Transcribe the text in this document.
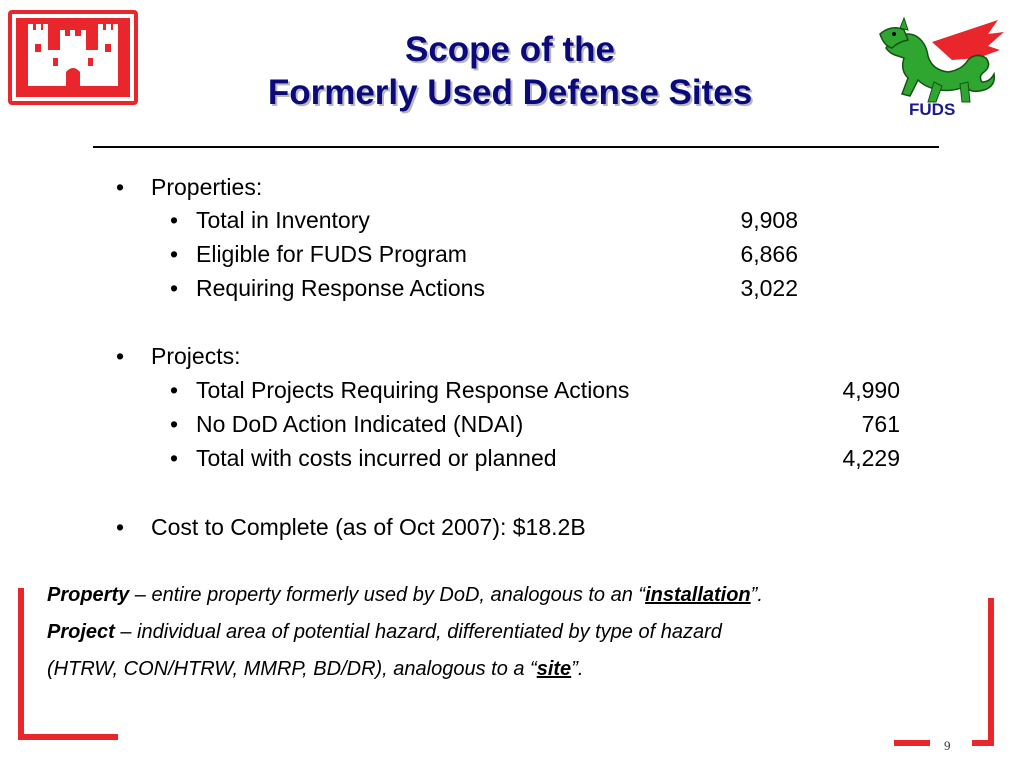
Scope of the
Formerly Used Defense Sites	FUDS
• Properties:
• Total in Inventory	9,908
• Eligible for FUDS Program	6,866
• Requiring Response Actions	3,022
• Projects:
• Total Projects Requiring Response Actions	4,990
• No DoD Action Indicated (NDAI)	761
• Total with costs incurred or planned	4,229
• Cost to Complete (as of Oct 2007): $18.2B
Property – entire property formerly used by DoD, analogous to an “installation”.
Project – individual area of potential hazard, differentiated by type of hazard
(HTRW, CON/HTRW, MMRP, BD/DR), analogous to a “site”.
9
